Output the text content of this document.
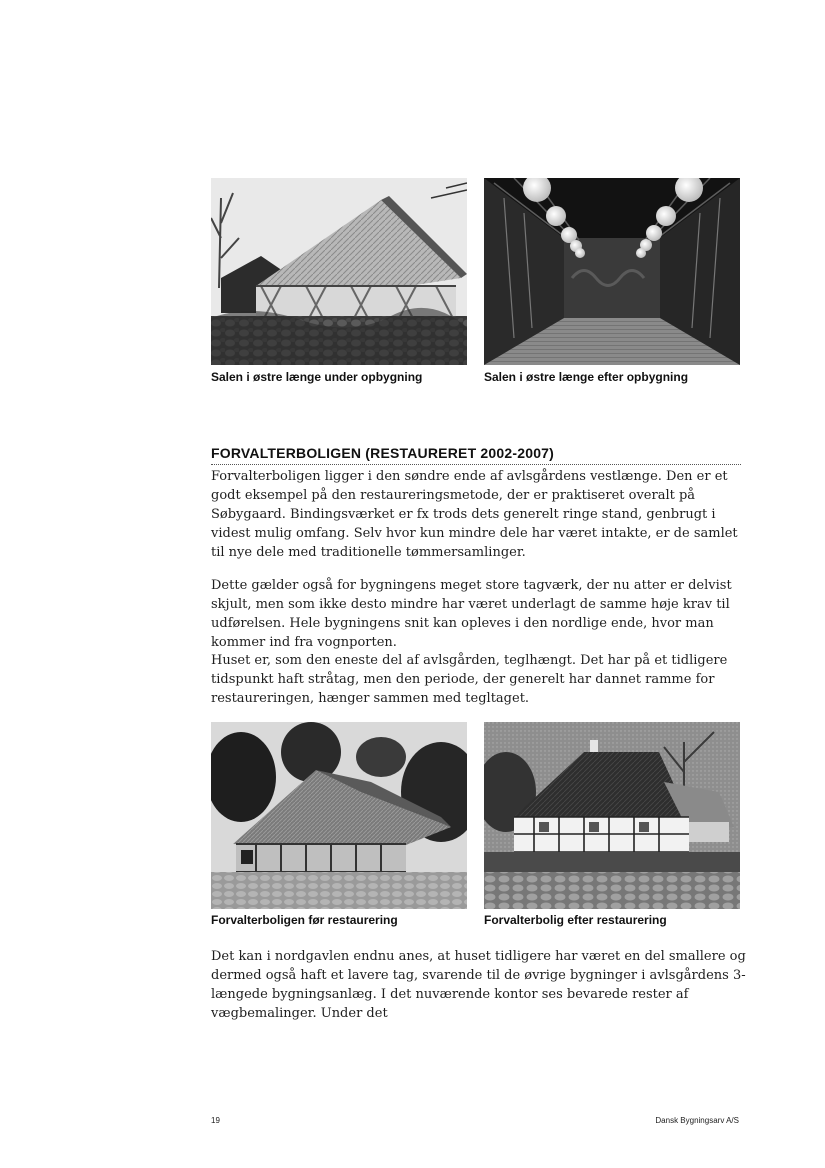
Salen i østre længe under opbygning	Salen i østre længe efter opbygning
FORVALTERBOLIGEN (RESTAURERET 2002-2007)

Forvalterboligen ligger i den søndre ende af avlsgårdens vestlænge. Den er et godt eksempel på den restaureringsmetode, der er praktiseret overalt på Søbygaard. Bindingsværket er fx trods dets generelt ringe stand, genbrugt i videst mulig omfang. Selv hvor kun mindre dele har været intakte, er de samlet til nye dele med traditionelle tømmersamlinger.

Dette gælder også for bygningens meget store tagværk, der nu atter er delvist skjult, men som ikke desto mindre har været underlagt de samme høje krav til udførelsen. Hele bygningens snit kan opleves i den nordlige ende, hvor man kommer ind fra vognporten.

Huset er, som den eneste del af avlsgården, teglhængt. Det har på et tidligere tidspunkt haft stråtag, men den periode, der generelt har dannet ramme for restaureringen, hænger sammen med tegltaget.

Forvalterboligen før restaurering	Forvalterbolig efter restaurering

Det kan i nordgavlen endnu anes, at huset tidligere har været en del smallere og dermed også haft et lavere tag, svarende til de øvrige bygninger i avlsgårdens 3-længede bygningsanlæg. I det nuværende kontor ses bevarede rester af vægbemalinger. Under det

19	Dansk Bygningsarv A/S
